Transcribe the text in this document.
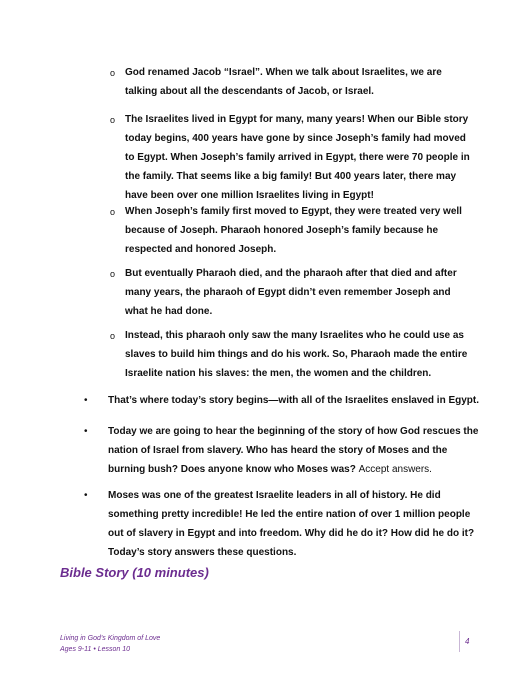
o God renamed Jacob “Israel”. When we talk about Israelites, we are talking about all the descendants of Jacob, or Israel.
o The Israelites lived in Egypt for many, many years! When our Bible story today begins, 400 years have gone by since Joseph’s family had moved to Egypt. When Joseph’s family arrived in Egypt, there were 70 people in the family. That seems like a big family! But 400 years later, there may have been over one million Israelites living in Egypt!
o When Joseph’s family first moved to Egypt, they were treated very well because of Joseph. Pharaoh honored Joseph’s family because he respected and honored Joseph.
o But eventually Pharaoh died, and the pharaoh after that died and after many years, the pharaoh of Egypt didn’t even remember Joseph and what he had done.
o Instead, this pharaoh only saw the many Israelites who he could use as slaves to build him things and do his work. So, Pharaoh made the entire Israelite nation his slaves: the men, the women and the children.
• That’s where today’s story begins—with all of the Israelites enslaved in Egypt.
• Today we are going to hear the beginning of the story of how God rescues the nation of Israel from slavery. Who has heard the story of Moses and the burning bush? Does anyone know who Moses was? Accept answers.
• Moses was one of the greatest Israelite leaders in all of history. He did something pretty incredible! He led the entire nation of over 1 million people out of slavery in Egypt and into freedom. Why did he do it? How did he do it? Today’s story answers these questions.
Bible Story (10 minutes)
Living in God’s Kingdom of Love
Ages 9-11 • Lesson 10
4
